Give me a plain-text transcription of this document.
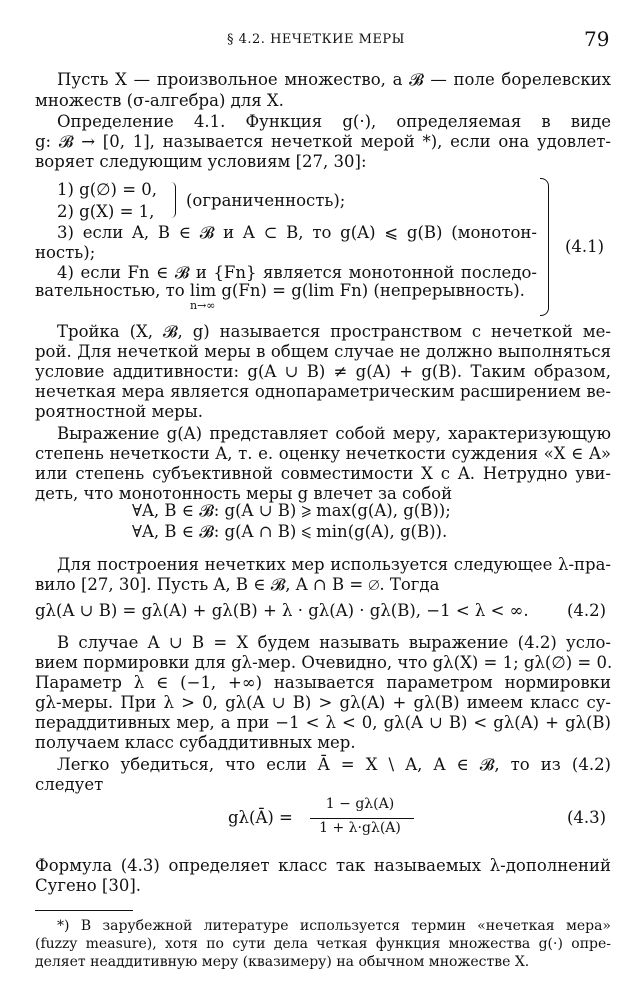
§ 4.2. НЕЧЕТКИЕ МЕРЫ	79
Пусть X — произвольное множество, а 𝓑 — поле борелевских
множеств (σ-алгебра) для X.
Определение 4.1. Функция g(·), определяемая в виде
g: 𝓑 → [0, 1], называется нечеткой мерой *), если она удовлет-
воряет следующим условиям [27, 30]:
1) g(∅) = 0,
2) g(X) = 1,
(ограниченность);
3) если A, B ∈ 𝓑 и A ⊂ B, то g(A) ⩽ g(B) (монотон-
ность);
4) если Fn ∈ 𝓑 и {Fn} является монотонной последо-
вательностью, то lim g(Fn) = g(lim Fn) (непрерывность).
n→∞
(4.1)
Тройка (X, 𝓑, g) называется пространством с нечеткой ме-
рой. Для нечеткой меры в общем случае не должно выполняться
условие аддитивности: g(A ∪ B) ≠ g(A) + g(B). Таким образом,
нечеткая мера является однопараметрическим расширением ве-
роятностной меры.
Выражение g(A) представляет собой меру, характеризующую
степень нечеткости A, т. е. оценку нечеткости суждения «X ∈ A»
или степень субъективной совместимости X с A. Нетрудно уви-
деть, что монотонность меры g влечет за собой
∀A, B ∈ 𝓑: g(A ∪ B) ⩾ max(g(A), g(B));
∀A, B ∈ 𝓑: g(A ∩ B) ⩽ min(g(A), g(B)).
Для построения нечетких мер используется следующее λ-пра-
вило [27, 30]. Пусть A, B ∈ 𝓑, A ∩ B = ∅. Тогда
gλ(A ∪ B) = gλ(A) + gλ(B) + λ · gλ(A) · gλ(B), −1 < λ < ∞. (4.2)
В случае A ∪ B = X будем называть выражение (4.2) усло-
вием пормировки для gλ-мер. Очевидно, что gλ(X) = 1; gλ(∅) = 0.
Параметр λ ∈ (−1, +∞) называется параметром нормировки
gλ-меры. При λ > 0, gλ(A ∪ B) > gλ(A) + gλ(B) имеем класс су-
пераддитивных мер, а при −1 < λ < 0, gλ(A ∪ B) < gλ(A) + gλ(B)
получаем класс субаддитивных мер.
Легко убедиться, что если Ā = X \ A, A ∈ 𝓑, то из (4.2)
следует
gλ(Ā) =
1 − gλ(A)
1 + λ·gλ(A)
(4.3)
Формула (4.3) определяет класс так называемых λ-дополнений
Сугено [30].
*) В зарубежной литературе используется термин «нечеткая мера»
(fuzzy measure), хотя по сути дела четкая функция множества g(·) опре-
деляет неаддитивную меру (квазимеру) на обычном множестве X.
